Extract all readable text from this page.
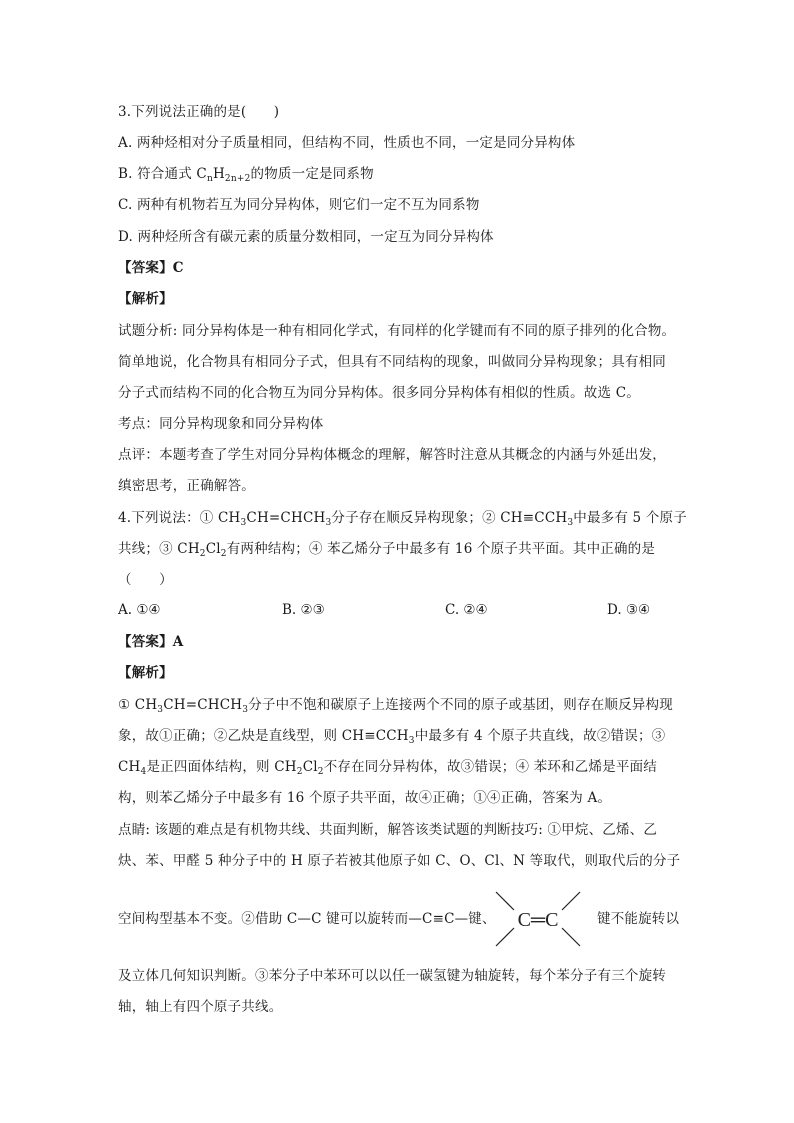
3.下列说法正确的是(　　)
A. 两种烃相对分子质量相同，但结构不同，性质也不同，一定是同分异构体
B. 符合通式 $C_nH_{2n+2}$的物质一定是同系物
C. 两种有机物若互为同分异构体，则它们一定不互为同系物
D. 两种烃所含有碳元素的质量分数相同，一定互为同分异构体
【答案】C
【解析】
试题分析: 同分异构体是一种有相同化学式，有同样的化学键而有不同的原子排列的化合物。
简单地说，化合物具有相同分子式，但具有不同结构的现象，叫做同分异构现象；具有相同
分子式而结构不同的化合物互为同分异构体。很多同分异构体有相似的性质。故选 C。
考点：同分异构现象和同分异构体
点评：本题考查了学生对同分异构体概念的理解，解答时注意从其概念的内涵与外延出发，
缜密思考，正确解答。
4.下列说法：① $CH_3CH=CHCH_3$分子存在顺反异构现象；② $CH\equiv CCH_3$中最多有 5 个原子
共线；③ $CH_2Cl_2$有两种结构；④ 苯乙烯分子中最多有 16 个原子共平面。其中正确的是
（　　）
A. ①④	B. ②③	C. ②④	D. ③④
【答案】A
【解析】
① $CH_3CH=CHCH_3$分子中不饱和碳原子上连接两个不同的原子或基团，则存在顺反异构现
象，故①正确；②乙炔是直线型，则 $CH\equiv CCH_3$中最多有 4 个原子共直线，故②错误；③
$CH_4$是正四面体结构，则 $CH_2Cl_2$不存在同分异构体，故③错误；④ 苯环和乙烯是平面结
构，则苯乙烯分子中最多有 16 个原子共平面，故④正确；①④正确，答案为 A。
点睛: 该题的难点是有机物共线、共面判断，解答该类试题的判断技巧: ①甲烷、乙烯、乙
炔、苯、甲醛 5 种分子中的 H 原子若被其他原子如 C、O、Cl、N 等取代，则取代后的分子
空间构型基本不变。②借助 C—C 键可以旋转而—C≡C—键、 C═C	键不能旋转以
及立体几何知识判断。③苯分子中苯环可以以任一碳氢键为轴旋转，每个苯分子有三个旋转
轴，轴上有四个原子共线。
